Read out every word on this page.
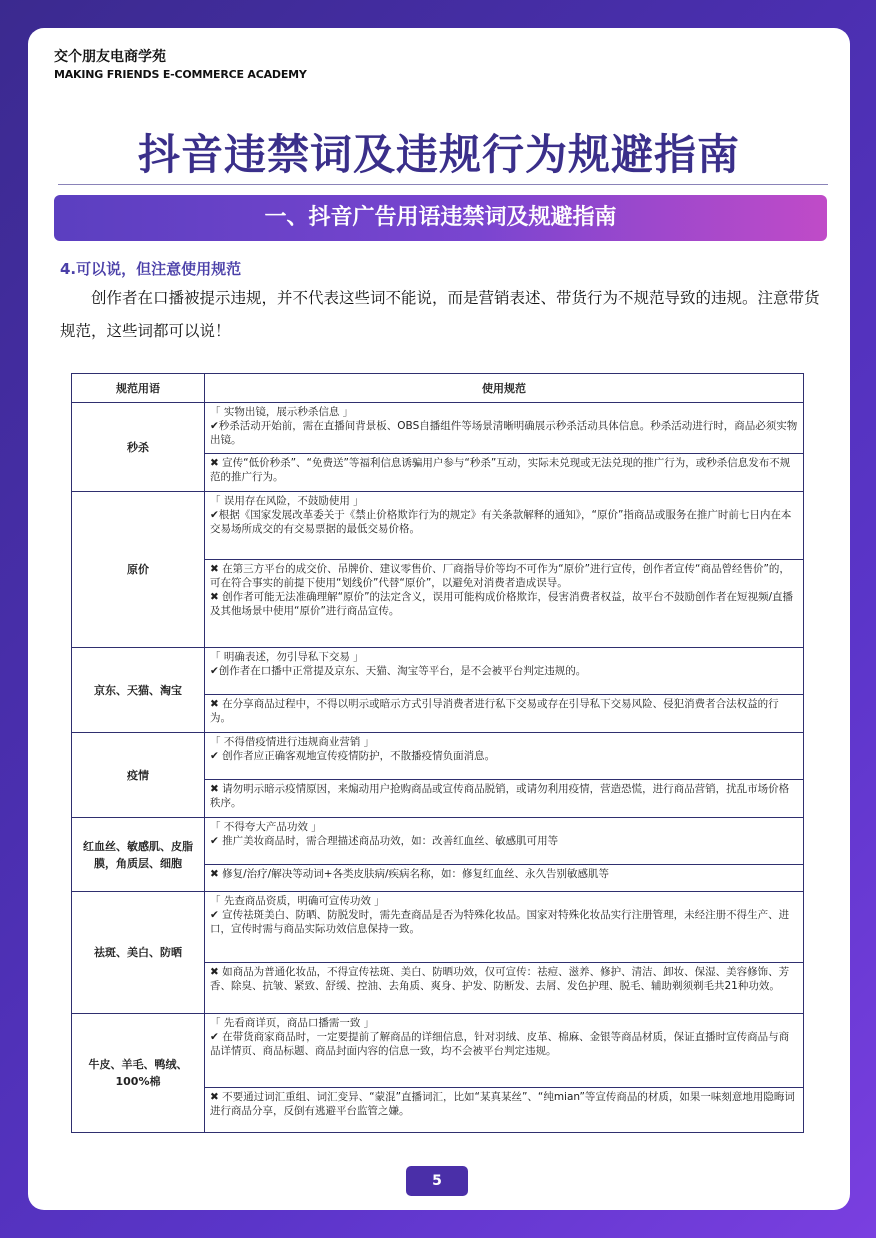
交个朋友电商学苑
MAKING FRIENDS E-COMMERCE ACADEMY
抖音违禁词及违规行为规避指南
一、抖音广告用语违禁词及规避指南
4.可以说，但注意使用规范
创作者在口播被提示违规，并不代表这些词不能说，而是营销表述、带货行为不规范导致的违规。注意带货规范，这些词都可以说！
规范用语	使用规范
秒杀	「 实物出镜，展示秒杀信息 」
✔秒杀活动开始前，需在直播间背景板、OBS自播组件等场景清晰明确展示秒杀活动具体信息。秒杀活动进行时，商品必须实物出镜。

	✖ 宣传“低价秒杀”、“免费送”等福利信息诱骗用户参与“秒杀”互动，实际未兑现或无法兑现的推广行为，或秒杀信息发布不规范的推广行为。

原价	「 误用存在风险，不鼓励使用 」
✔根据《国家发展改革委关于《禁止价格欺诈行为的规定》有关条款解释的通知》，“原价”指商品或服务在推广时前七日内在本交易场所成交的有交易票据的最低交易价格。

	✖ 在第三方平台的成交价、吊牌价、建议零售价、厂商指导价等均不可作为“原价”进行宣传，创作者宣传“商品曾经售价”的，可在符合事实的前提下使用“划线价”代替“原价”，以避免对消费者造成误导。
✖ 创作者可能无法准确理解“原价”的法定含义，误用可能构成价格欺诈，侵害消费者权益，故平台不鼓励创作者在短视频/直播及其他场景中使用“原价”进行商品宣传。

京东、天猫、淘宝	「 明确表述，勿引导私下交易 」
✔创作者在口播中正常提及京东、天猫、淘宝等平台，是不会被平台判定违规的。

	✖ 在分享商品过程中，不得以明示或暗示方式引导消费者进行私下交易或存在引导私下交易风险、侵犯消费者合法权益的行为。

疫情	「 不得借疫情进行违规商业营销 」
✔ 创作者应正确客观地宣传疫情防护，不散播疫情负面消息。

	✖ 请勿明示暗示疫情原因，来煽动用户抢购商品或宣传商品脱销，或请勿利用疫情，营造恐慌，进行商品营销，扰乱市场价格秩序。

红血丝、敏感肌、皮脂膜，角质层、细胞	「 不得夸大产品功效 」
✔ 推广美妆商品时，需合理描述商品功效，如：改善红血丝、敏感肌可用等

	✖ 修复/治疗/解决等动词+各类皮肤病/疾病名称，如：修复红血丝、永久告别敏感肌等

祛斑、美白、防晒	「 先查商品资质，明确可宣传功效 」
✔ 宣传祛斑美白、防晒、防脱发时，需先查商品是否为特殊化妆品。国家对特殊化妆品实行注册管理，未经注册不得生产、进口，宣传时需与商品实际功效信息保持一致。

	✖ 如商品为普通化妆品，不得宣传祛斑、美白、防晒功效，仅可宣传：祛痘、滋养、修护、清洁、卸妆、保湿、美容修饰、芳香、除臭、抗皱、紧致、舒缓、控油、去角质、爽身、护发、防断发、去屑、发色护理、脱毛、辅助剃须剃毛共21种功效。

牛皮、羊毛、鸭绒、100%棉	「 先看商详页，商品口播需一致 」
✔ 在带货商家商品时，一定要提前了解商品的详细信息，针对羽绒、皮革、棉麻、金银等商品材质，保证直播时宣传商品与商品详情页、商品标题、商品封面内容的信息一致，均不会被平台判定违规。

	✖ 不要通过词汇重组、词汇变异、“蒙混”直播词汇，比如“某真某丝”、“纯mian”等宣传商品的材质，如果一味刻意地用隐晦词进行商品分享，反倒有逃避平台监管之嫌。
5
